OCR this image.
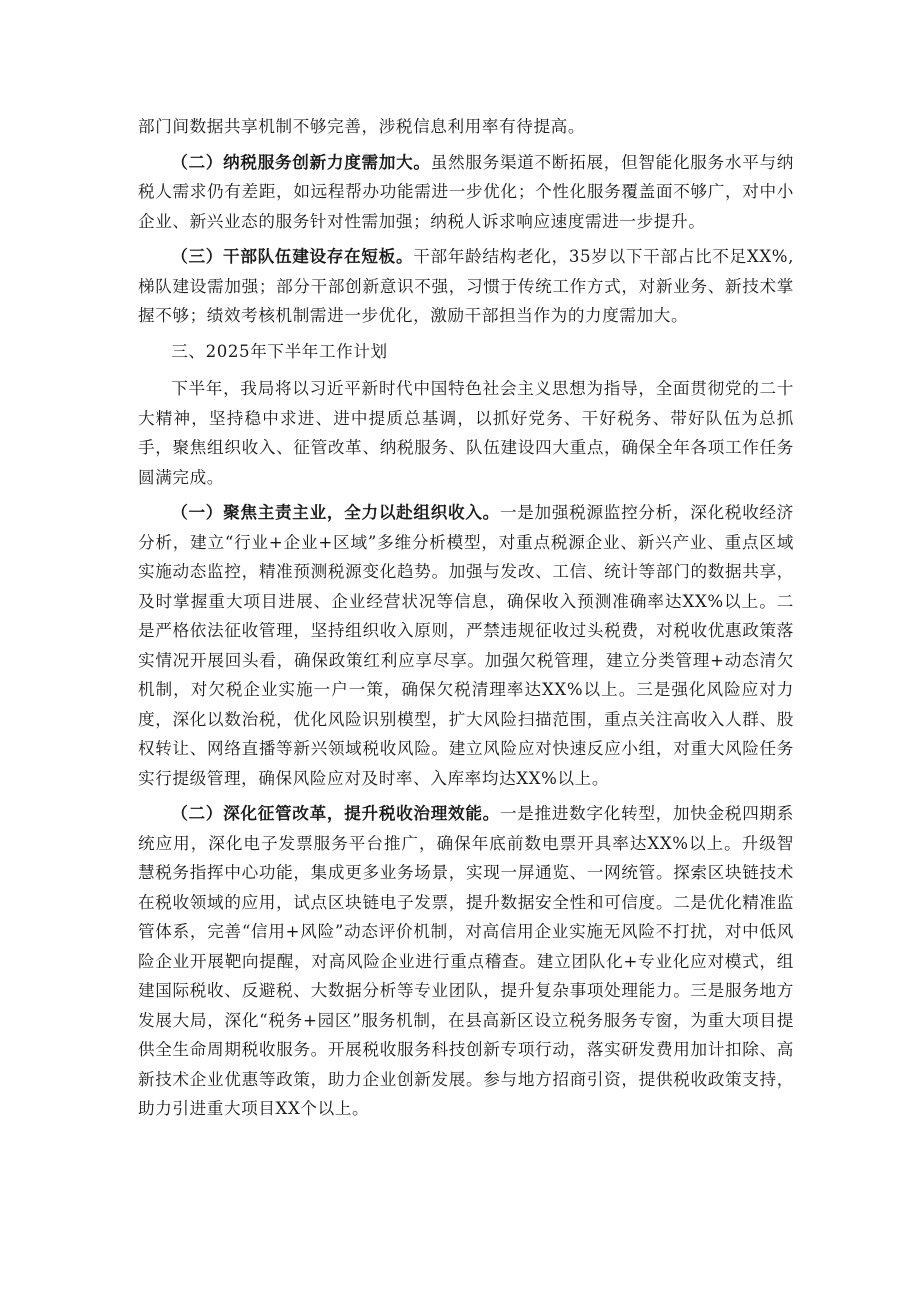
部门间数据共享机制不够完善，涉税信息利用率有待提高。

（二）纳税服务创新力度需加大。虽然服务渠道不断拓展，但智能化服务水平与纳税人需求仍有差距，如远程帮办功能需进一步优化；个性化服务覆盖面不够广，对中小企业、新兴业态的服务针对性需加强；纳税人诉求响应速度需进一步提升。

（三）干部队伍建设存在短板。干部年龄结构老化，35岁以下干部占比不足XX%,梯队建设需加强；部分干部创新意识不强，习惯于传统工作方式，对新业务、新技术掌握不够；绩效考核机制需进一步优化，激励干部担当作为的力度需加大。

三、2025年下半年工作计划

下半年，我局将以习近平新时代中国特色社会主义思想为指导，全面贯彻党的二十大精神，坚持稳中求进、进中提质总基调，以抓好党务、干好税务、带好队伍为总抓手，聚焦组织收入、征管改革、纳税服务、队伍建设四大重点，确保全年各项工作任务圆满完成。

（一）聚焦主责主业，全力以赴组织收入。一是加强税源监控分析，深化税收经济分析，建立“行业+企业+区域”多维分析模型，对重点税源企业、新兴产业、重点区域实施动态监控，精准预测税源变化趋势。加强与发改、工信、统计等部门的数据共享，及时掌握重大项目进展、企业经营状况等信息，确保收入预测准确率达XX%以上。二是严格依法征收管理，坚持组织收入原则，严禁违规征收过头税费，对税收优惠政策落实情况开展回头看，确保政策红利应享尽享。加强欠税管理，建立分类管理+动态清欠机制，对欠税企业实施一户一策，确保欠税清理率达XX%以上。三是强化风险应对力度，深化以数治税，优化风险识别模型，扩大风险扫描范围，重点关注高收入人群、股权转让、网络直播等新兴领域税收风险。建立风险应对快速反应小组，对重大风险任务实行提级管理，确保风险应对及时率、入库率均达XX%以上。

（二）深化征管改革，提升税收治理效能。一是推进数字化转型，加快金税四期系统应用，深化电子发票服务平台推广，确保年底前数电票开具率达XX%以上。升级智慧税务指挥中心功能，集成更多业务场景，实现一屏通览、一网统管。探索区块链技术在税收领域的应用，试点区块链电子发票，提升数据安全性和可信度。二是优化精准监管体系，完善“信用+风险”动态评价机制，对高信用企业实施无风险不打扰，对中低风险企业开展靶向提醒，对高风险企业进行重点稽查。建立团队化+专业化应对模式，组建国际税收、反避税、大数据分析等专业团队，提升复杂事项处理能力。三是服务地方发展大局，深化“税务+园区”服务机制，在县高新区设立税务服务专窗，为重大项目提供全生命周期税收服务。开展税收服务科技创新专项行动，落实研发费用加计扣除、高新技术企业优惠等政策，助力企业创新发展。参与地方招商引资，提供税收政策支持，助力引进重大项目XX个以上。
